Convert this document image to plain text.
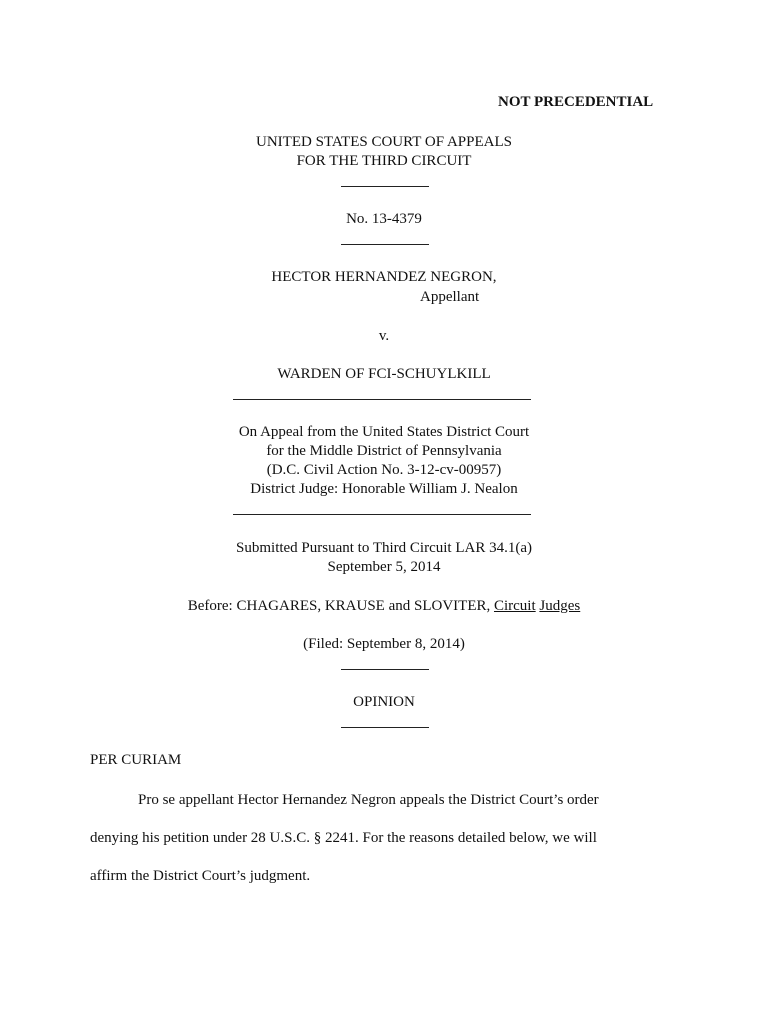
NOT PRECEDENTIAL
UNITED STATES COURT OF APPEALS
FOR THE THIRD CIRCUIT
No. 13-4379
HECTOR HERNANDEZ NEGRON,
Appellant
v.
WARDEN OF FCI-SCHUYLKILL
On Appeal from the United States District Court
for the Middle District of Pennsylvania
(D.C. Civil Action No. 3-12-cv-00957)
District Judge: Honorable William J. Nealon
Submitted Pursuant to Third Circuit LAR 34.1(a)
September 5, 2014
Before: CHAGARES, KRAUSE and SLOVITER, Circuit Judges
(Filed: September 8, 2014)
OPINION
PER CURIAM
Pro se appellant Hector Hernandez Negron appeals the District Court’s order
denying his petition under 28 U.S.C. § 2241. For the reasons detailed below, we will
affirm the District Court’s judgment.
